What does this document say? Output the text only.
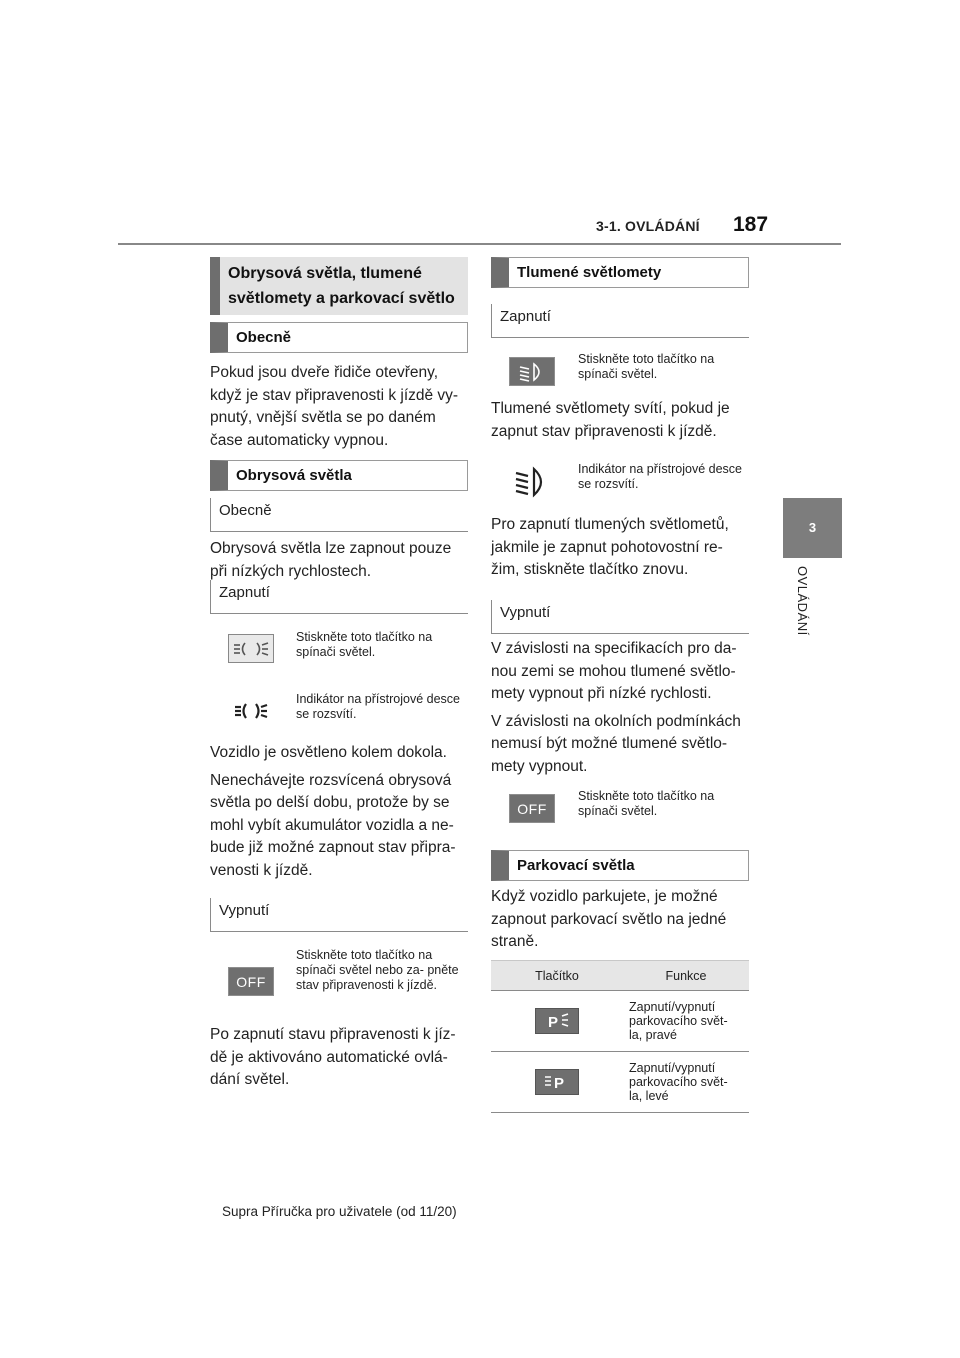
3-1. OVLÁDÁNÍ 187
3
OVLÁDÁNÍ
Obrysová světla, tlumené světlomety a parkovací světlo
Obecně

Pokud jsou dveře řidiče otevřeny, když je stav připravenosti k jízdě vy- pnutý, vnější světla se po daném čase automaticky vypnou.

Obrysová světla
Obecně

Obrysová světla lze zapnout pouze při nízkých rychlostech.

Zapnutí
Stiskněte toto tlačítko na spínači světel.
Indikátor na přístrojové desce se rozsvítí.

Vozidlo je osvětleno kolem dokola.

Nenechávejte rozsvícená obrysová světla po delší dobu, protože by se mohl vybít akumulátor vozidla a ne- bude již možné zapnout stav připra- venosti k jízdě.

Vypnutí
OFF
Stiskněte toto tlačítko na spínači světel nebo za- pněte stav připravenosti k jízdě.

Po zapnutí stavu připravenosti k jíz- dě je aktivováno automatické ovlá- dání světel.

Tlumené světlomety
Zapnutí
Stiskněte toto tlačítko na spínači světel.

Tlumené světlomety svítí, pokud je zapnut stav připravenosti k jízdě.

Indikátor na přístrojové desce se rozsvítí.

Pro zapnutí tlumených světlometů, jakmile je zapnut pohotovostní re- žim, stiskněte tlačítko znovu.

Vypnutí

V závislosti na specifikacích pro da- nou zemi se mohou tlumené světlo- mety vypnout při nízké rychlosti.

V závislosti na okolních podmínkách nemusí být možné tlumené světlo- mety vypnout.

OFF
Stiskněte toto tlačítko na spínači světel.
Parkovací světla

Když vozidlo parkujete, je možné zapnout parkovací světlo na jedné straně.

Tlačítko	Funkce

P	Zapnutí/vypnutí parkovacího svět- la, pravé

P	Zapnutí/vypnutí parkovacího svět- la, levé
Supra Příručka pro uživatele (od 11/20)
